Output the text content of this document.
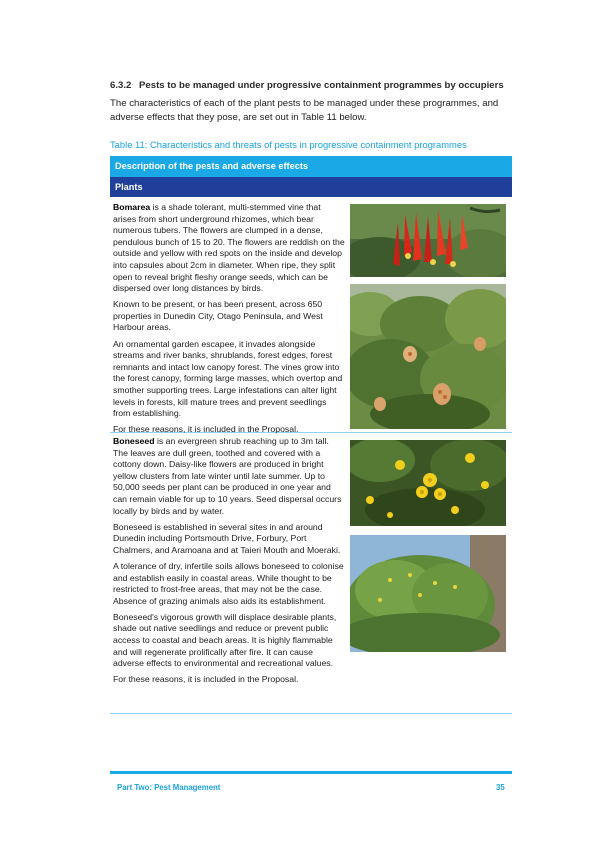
6.3.2 Pests to be managed under progressive containment programmes by occupiers
The characteristics of each of the plant pests to be managed under these programmes, and adverse effects that they pose, are set out in Table 11 below.
Table 11: Characteristics and threats of pests in progressive containment programmes
Description of the pests and adverse effects
Plants

Bomarea is a shade tolerant, multi-stemmed vine that arises from short underground rhizomes, which bear numerous tubers. The flowers are clumped in a dense, pendulous bunch of 15 to 20. The flowers are reddish on the outside and yellow with red spots on the inside and develop into capsules about 2cm in diameter. When ripe, they split open to reveal bright fleshy orange seeds, which can be dispersed over long distances by birds.

Known to be present, or has been present, across 650 properties in Dunedin City, Otago Peninsula, and West Harbour areas.

An ornamental garden escapee, it invades alongside streams and river banks, shrublands, forest edges, forest remnants and intact low canopy forest. The vines grow into the forest canopy, forming large masses, which overtop and smother supporting trees. Large infestations can alter light levels in forests, kill mature trees and prevent seedlings from establishing.

For these reasons, it is included in the Proposal.

Boneseed is an evergreen shrub reaching up to 3m tall. The leaves are dull green, toothed and covered with a cottony down. Daisy-like flowers are produced in bright yellow clusters from late winter until late summer. Up to 50,000 seeds per plant can be produced in one year and can remain viable for up to 10 years. Seed dispersal occurs locally by birds and by water.

Boneseed is established in several sites in and around Dunedin including Portsmouth Drive, Forbury, Port Chalmers, and Aramoana and at Taieri Mouth and Moeraki.

A tolerance of dry, infertile soils allows boneseed to colonise and establish easily in coastal areas. While thought to be restricted to frost-free areas, that may not be the case. Absence of grazing animals also aids its establishment.

Boneseed's vigorous growth will displace desirable plants, shade out native seedlings and reduce or prevent public access to coastal and beach areas. It is highly flammable and will regenerate prolifically after fire. It can cause adverse effects to environmental and recreational values.

For these reasons, it is included in the Proposal.

Part Two: Pest Management	35
